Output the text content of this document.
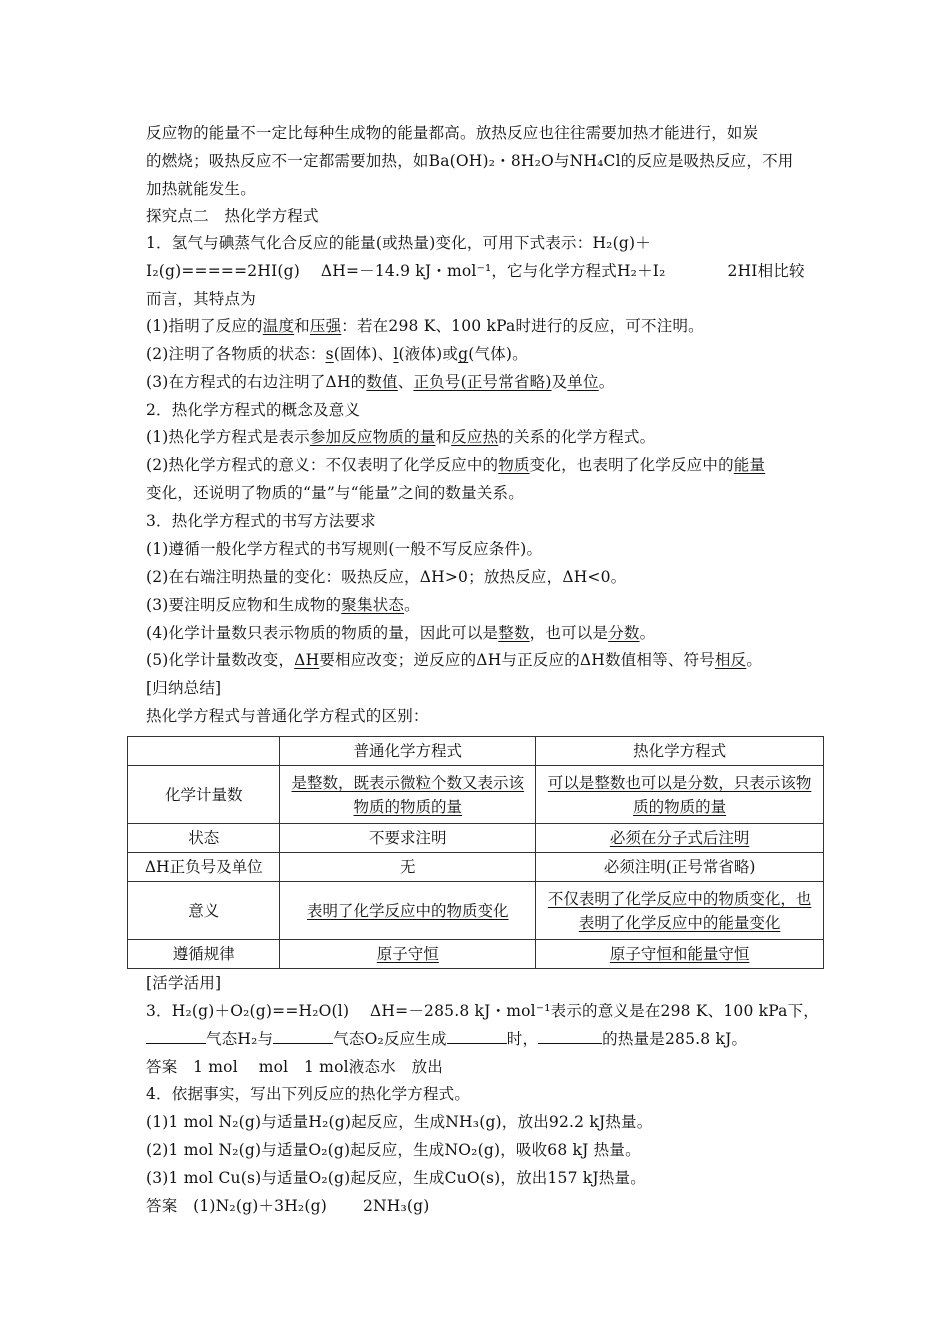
反应物的能量不一定比每种生成物的能量都高。放热反应也往往需要加热才能进行，如炭
的燃烧；吸热反应不一定都需要加热，如Ba(OH)₂・8H₂O与NH₄Cl的反应是吸热反应，不用
加热就能发生。
探究点二　热化学方程式
1．氢气与碘蒸气化合反应的能量(或热量)变化，可用下式表示：H₂(g)＋
I₂(g)=====2HI(g)　 ΔH=－14.9 kJ・mol⁻¹，它与化学方程式H₂＋I₂	2HI相比较
而言，其特点为
(1)指明了反应的温度和压强：若在298 K、100 kPa时进行的反应，可不注明。
(2)注明了各物质的状态：s(固体)、l(液体)或g(气体)。
(3)在方程式的右边注明了ΔH的数值、正负号(正号常省略)及单位。
2．热化学方程式的概念及意义
(1)热化学方程式是表示参加反应物质的量和反应热的关系的化学方程式。
(2)热化学方程式的意义：不仅表明了化学反应中的物质变化，也表明了化学反应中的能量
变化，还说明了物质的“量”与“能量”之间的数量关系。
3．热化学方程式的书写方法要求
(1)遵循一般化学方程式的书写规则(一般不写反应条件)。
(2)在右端注明热量的变化：吸热反应，ΔH>0；放热反应，ΔH<0。
(3)要注明反应物和生成物的聚集状态。
(4)化学计量数只表示物质的物质的量，因此可以是整数，也可以是分数。
(5)化学计量数改变，ΔH要相应改变；逆反应的ΔH与正反应的ΔH数值相等、符号相反。
[归纳总结]
热化学方程式与普通化学方程式的区别：
	普通化学方程式	热化学方程式
化学计量数	是整数，既表示微粒个数又表示该物质的物质的量	可以是整数也可以是分数，只表示该物质的物质的量
状态	不要求注明	必须在分子式后注明
ΔH正负号及单位	无	必须注明(正号常省略)
意义	表明了化学反应中的物质变化	不仅表明了化学反应中的物质变化，也表明了化学反应中的能量变化
遵循规律	原子守恒	原子守恒和能量守恒
[活学活用]
3．H₂(g)＋O₂(g)==H₂O(l)　 ΔH=－285.8 kJ・mol⁻¹表示的意义是在298 K、100 kPa下，
气态H₂与	气态O₂反应生成	时，	的热量是285.8 kJ。
答案　1 mol　 mol　1 mol液态水　放出
4．依据事实，写出下列反应的热化学方程式。
(1)1 mol N₂(g)与适量H₂(g)起反应，生成NH₃(g)，放出92.2 kJ热量。
(2)1 mol N₂(g)与适量O₂(g)起反应，生成NO₂(g)，吸收68 kJ 热量。
(3)1 mol Cu(s)与适量O₂(g)起反应，生成CuO(s)，放出157 kJ热量。
答案　(1)N₂(g)＋3H₂(g) 2NH₃(g)
